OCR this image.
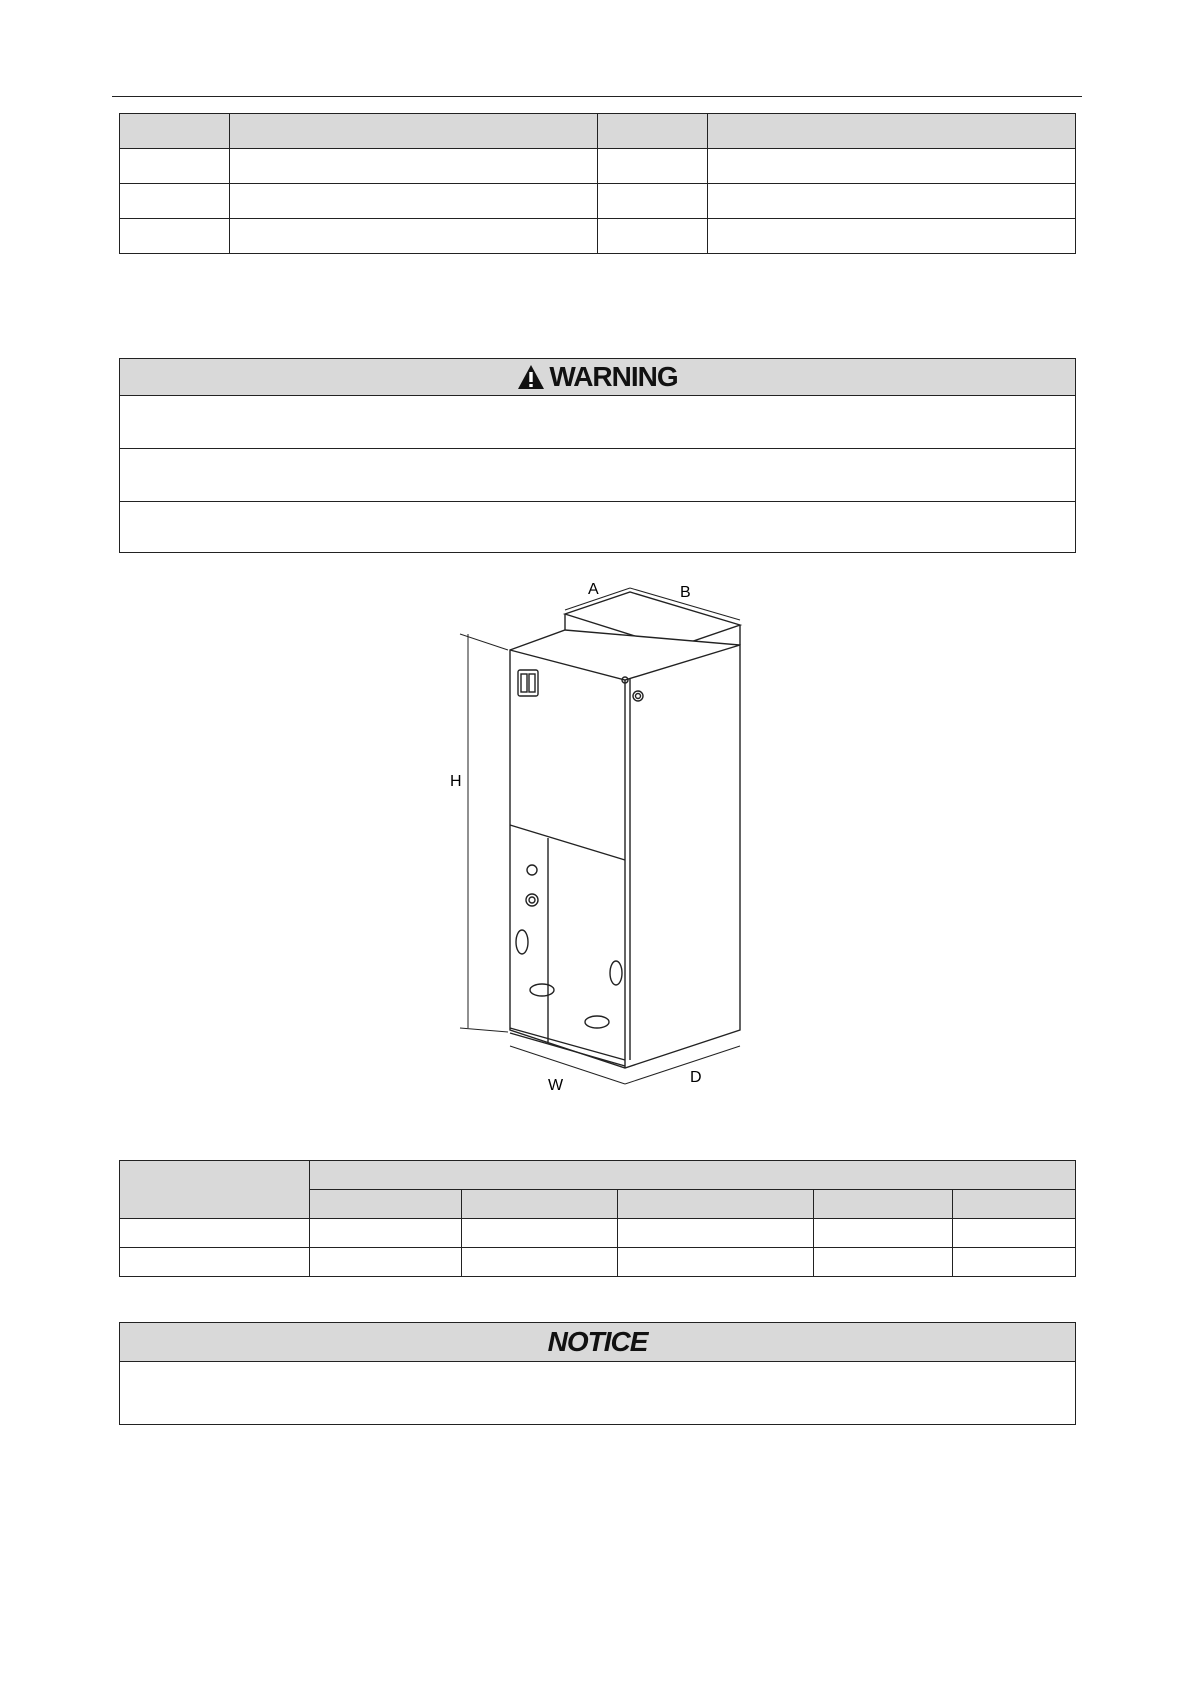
WARNING
A	B
H
W	D

NOTICE
